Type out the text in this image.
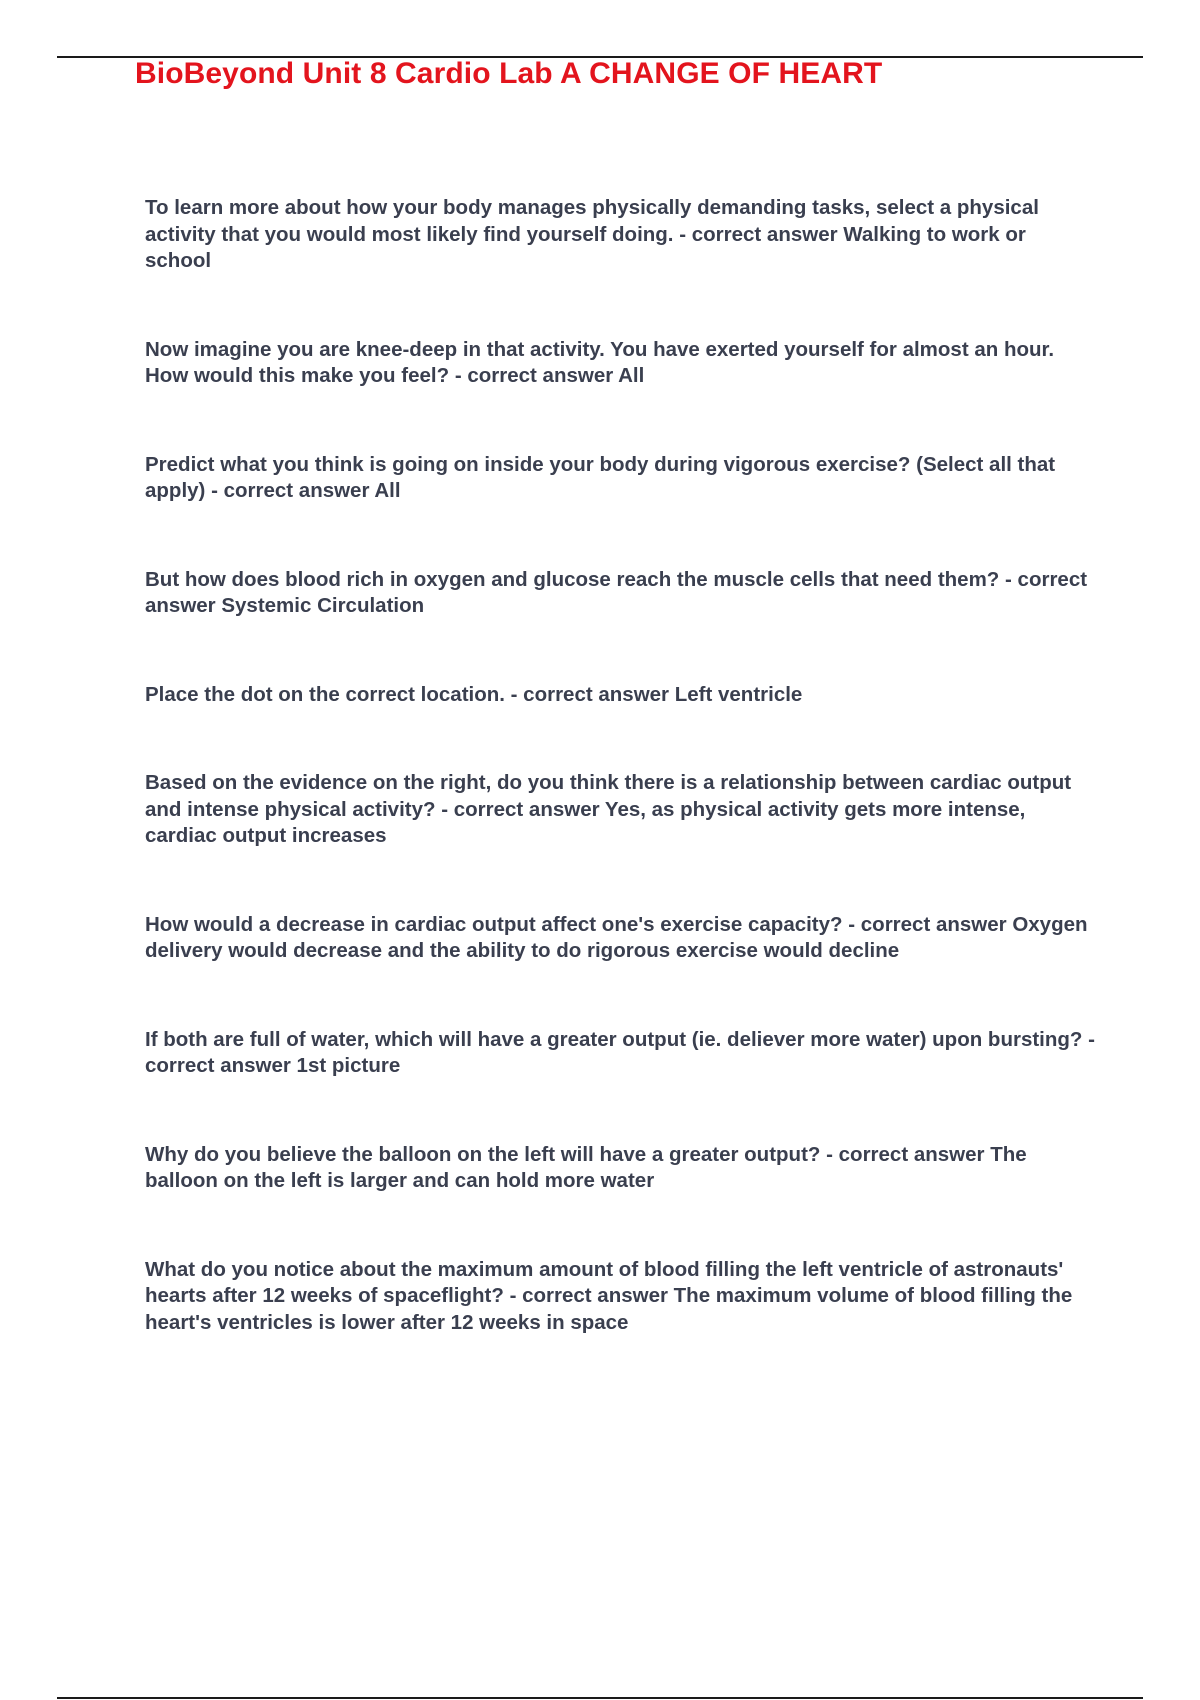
BioBeyond Unit 8 Cardio Lab A CHANGE OF HEART
To learn more about how your body manages physically demanding tasks, select a physical activity that you would most likely find yourself doing. - correct answer Walking to work or school
Now imagine you are knee-deep in that activity. You have exerted yourself for almost an hour. How would this make you feel? - correct answer All
Predict what you think is going on inside your body during vigorous exercise? (Select all that apply) - correct answer All
But how does blood rich in oxygen and glucose reach the muscle cells that need them? - correct answer Systemic Circulation
Place the dot on the correct location. - correct answer Left ventricle
Based on the evidence on the right, do you think there is a relationship between cardiac output and intense physical activity? - correct answer Yes, as physical activity gets more intense, cardiac output increases
How would a decrease in cardiac output affect one's exercise capacity? - correct answer Oxygen delivery would decrease and the ability to do rigorous exercise would decline
If both are full of water, which will have a greater output (ie. deliever more water) upon bursting? - correct answer 1st picture
Why do you believe the balloon on the left will have a greater output? - correct answer The balloon on the left is larger and can hold more water
What do you notice about the maximum amount of blood filling the left ventricle of astronauts' hearts after 12 weeks of spaceflight? - correct answer The maximum volume of blood filling the heart's ventricles is lower after 12 weeks in space
